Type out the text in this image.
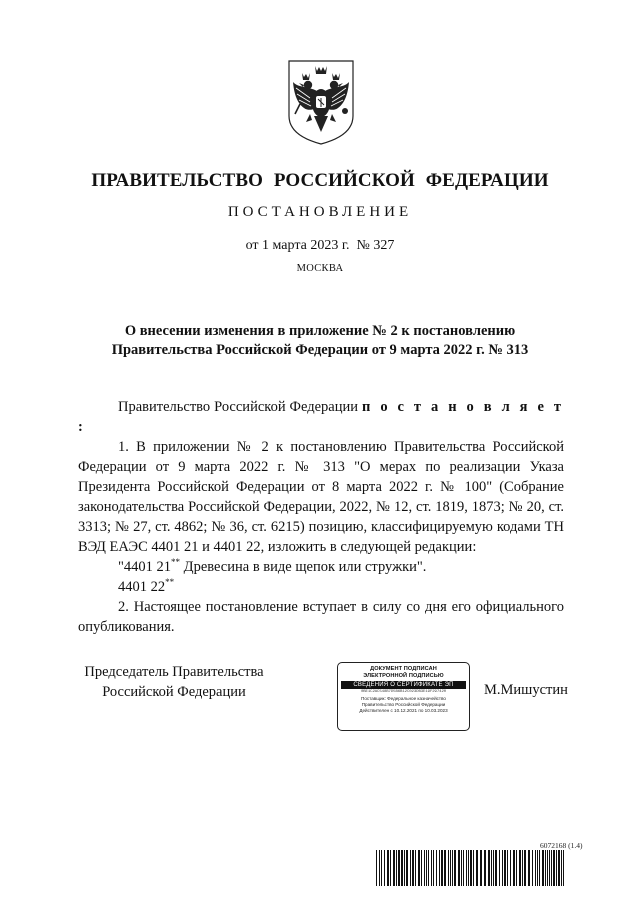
ПРАВИТЕЛЬСТВО РОССИЙСКОЙ ФЕДЕРАЦИИ
ПОСТАНОВЛЕНИЕ
от 1 марта 2023 г. № 327
МОСКВА
О внесении изменения в приложение № 2 к постановлению
Правительства Российской Федерации от 9 марта 2022 г. № 313

Правительство Российской Федерации п о с т а н о в л я е т :

1. В приложении № 2 к постановлению Правительства Российской Федерации от 9 марта 2022 г. № 313 "О мерах по реализации Указа Президента Российской Федерации от 8 марта 2022 г. № 100" (Собрание законодательства Российской Федерации, 2022, № 12, ст. 1819, 1873; № 20, ст. 3313; № 27, ст. 4862; № 36, ст. 6215) позицию, классифицируемую кодами ТН ВЭД ЕАЭС 4401 21 и 4401 22, изложить в следующей редакции:

"4401 21** Древесина в виде щепок или стружки".

4401 22**

2. Настоящее постановление вступает в силу со дня его официального опубликования.

Председатель Правительства
Российской Федерации
ДОКУМЕНТ ПОДПИСАН
ЭЛЕКТРОННОЙ ПОДПИСЬЮ
СВЕДЕНИЯ О СЕРТИФИКАТЕ ЭП
0BE1C2AC548B7D5B6B12C023DB3E19F297420
Поставщик: Федеральное казначейство
Правительство Российской Федерации
Действителен с 10.12.2021 по 10.03.2023
М.Мишустин
6072168 (1.4)
